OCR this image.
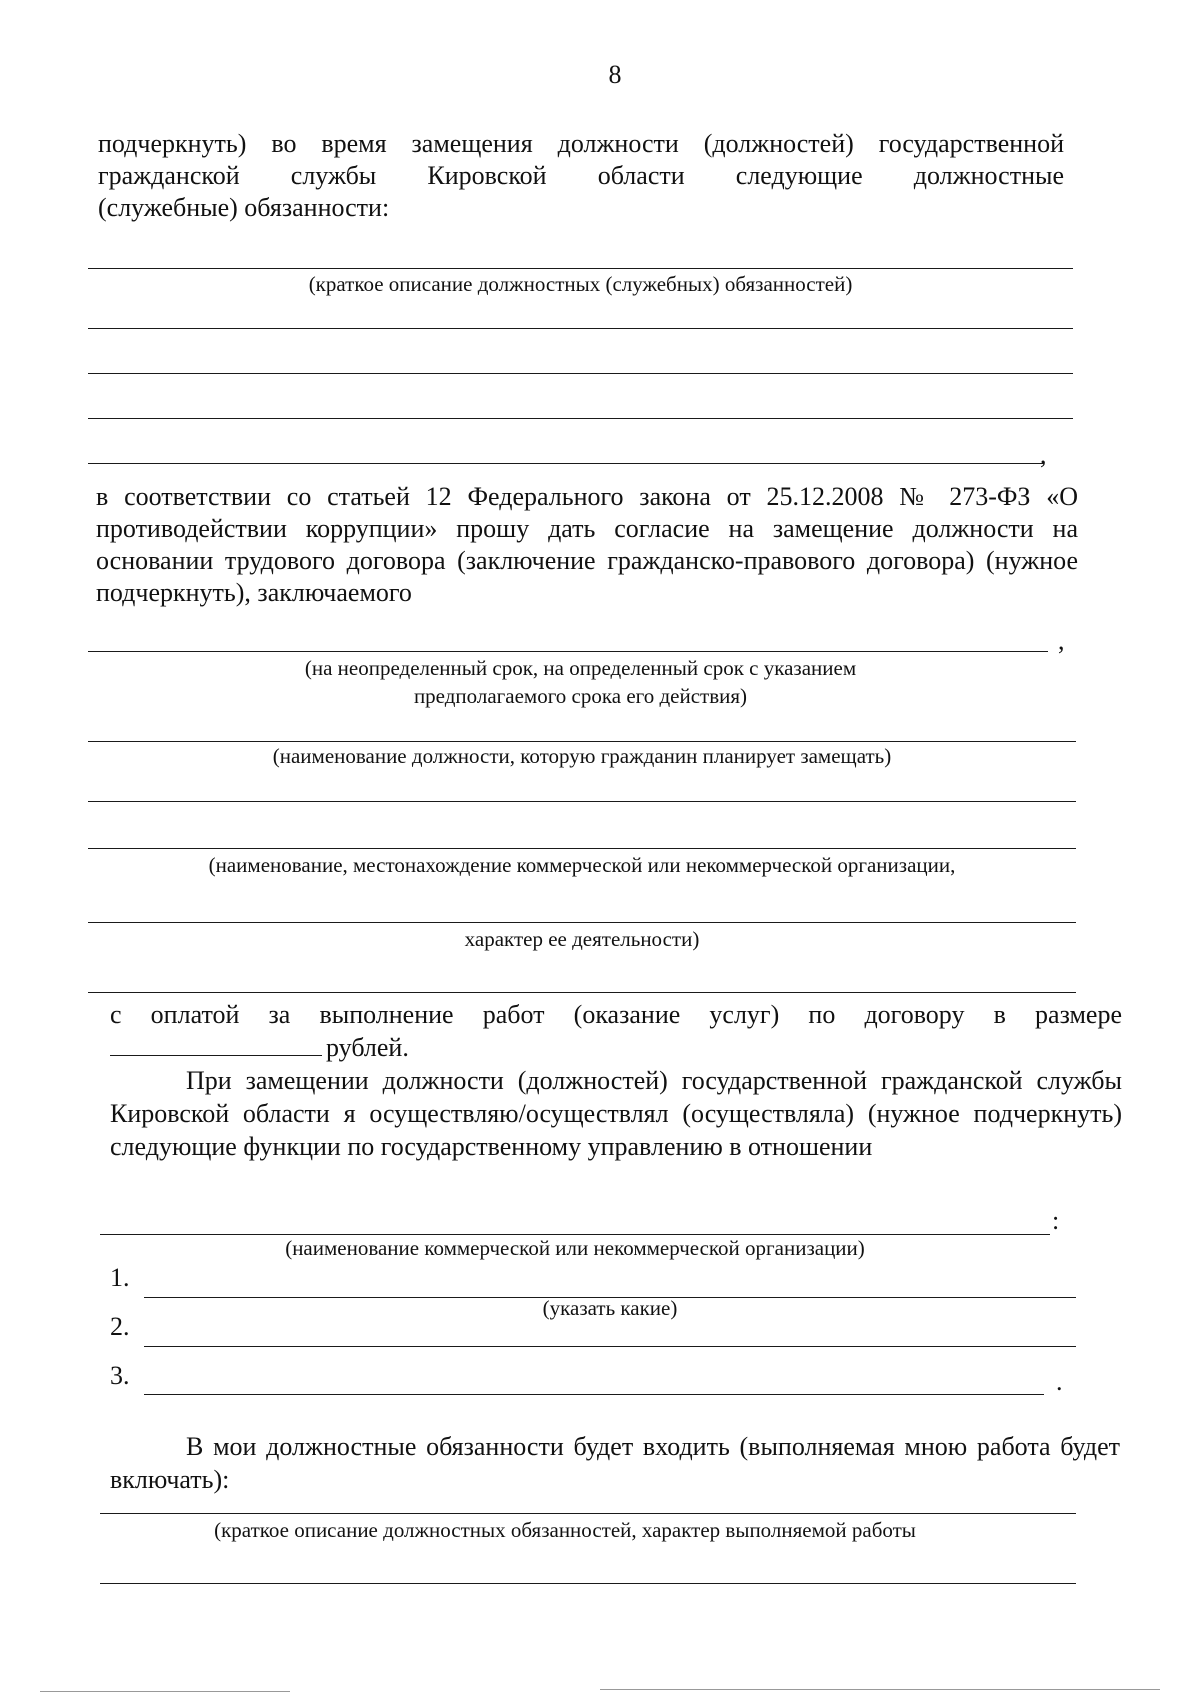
8
подчеркнуть) во время замещения должности (должностей) государственной
гражданской службы Кировской области следующие должностные
(служебные) обязанности:
(краткое описание должностных (служебных) обязанностей)
,
в соответствии со статьей 12 Федерального закона от 25.12.2008 № 273-ФЗ «О противодействии коррупции» прошу дать согласие на замещение должности на основании трудового договора (заключение гражданско-правового договора) (нужное подчеркнуть), заключаемого
,
(на неопределенный срок, на определенный срок с указанием
предполагаемого срока его действия)
(наименование должности, которую гражданин планирует замещать)
(наименование, местонахождение коммерческой или некоммерческой организации,
характер ее деятельности)
с оплатой за выполнение работ (оказание услуг) по договору в размере
рублей.
При замещении должности (должностей) государственной гражданской службы Кировской области я осуществляю/осуществлял (осуществляла) (нужное подчеркнуть) следующие функции по государственному управлению в отношении
:
(наименование коммерческой или некоммерческой организации)
1.
(указать какие)
2.
3.	.
В мои должностные обязанности будет входить (выполняемая мною работа будет включать):
(краткое описание должностных обязанностей, характер выполняемой работы
